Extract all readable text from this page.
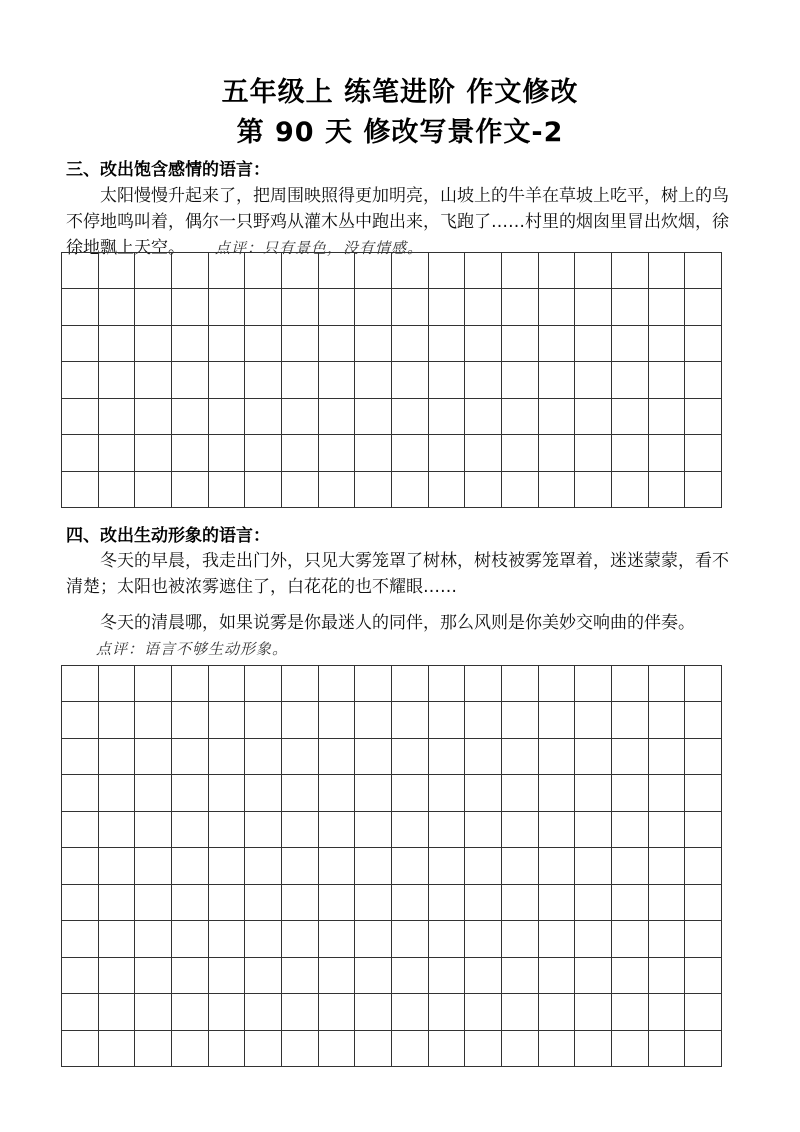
五年级上 练笔进阶 作文修改
第 90 天 修改写景作文-2
三、改出饱含感情的语言：
太阳慢慢升起来了，把周围映照得更加明亮，山坡上的牛羊在草坡上吃平，树上的鸟不停地鸣叫着，偶尔一只野鸡从灌木丛中跑出来，飞跑了……村里的烟囱里冒出炊烟，徐徐地飘上天空。 点评：只有景色，没有情感。
四、改出生动形象的语言：
冬天的早晨，我走出门外，只见大雾笼罩了树林，树枝被雾笼罩着，迷迷蒙蒙，看不清楚；太阳也被浓雾遮住了，白花花的也不耀眼……
冬天的清晨哪，如果说雾是你最迷人的同伴，那么风则是你美妙交响曲的伴奏。点评：语言不够生动形象。
